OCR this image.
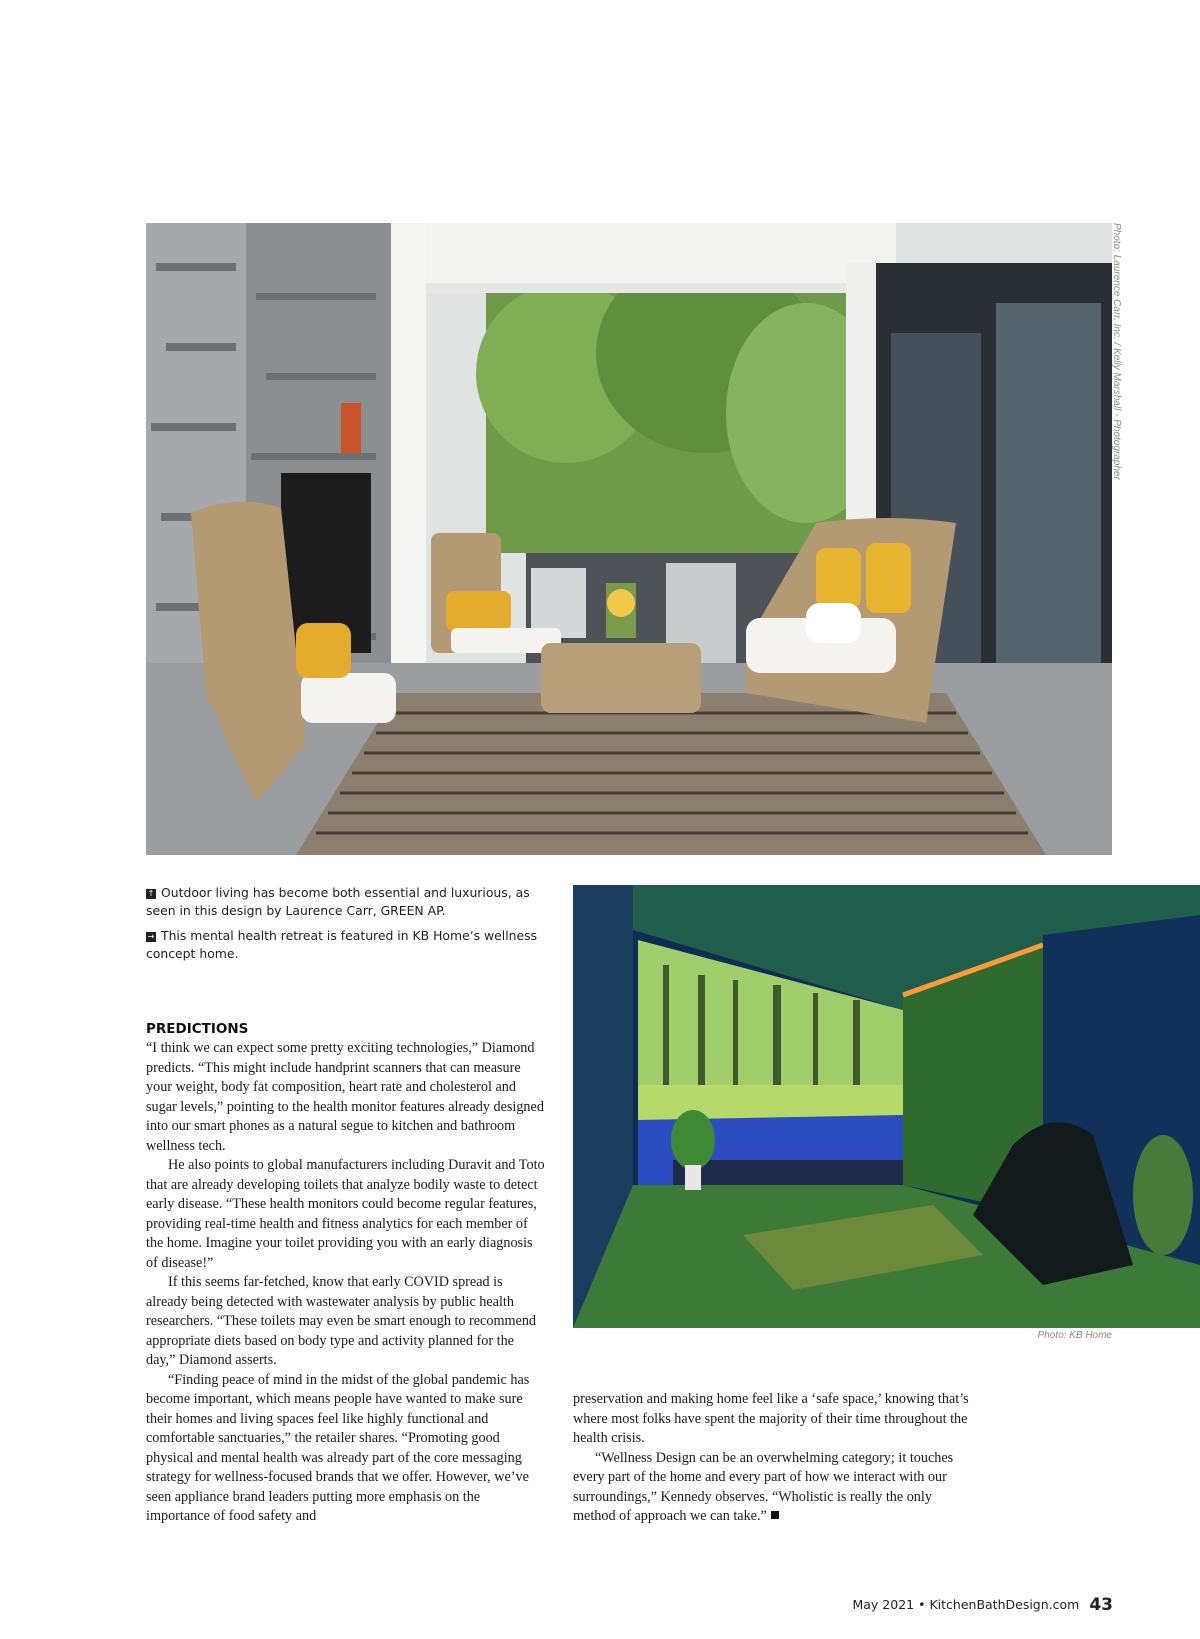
Photo: Laurence Carr, Inc. / Kelly Marshall - Photographer

↑ Outdoor living has become both essential and luxurious, as seen in this design by Laurence Carr, GREEN AP.

→ This mental health retreat is featured in KB Home’s wellness concept home.

Photo: KB Home

PREDICTIONS

“I think we can expect some pretty exciting technologies,” Diamond predicts. “This might include handprint scanners that can measure your weight, body fat composition, heart rate and cholesterol and sugar levels,” pointing to the health monitor features already designed into our smart phones as a natural segue to kitchen and bathroom wellness tech.

He also points to global manufacturers including Duravit and Toto that are already developing toilets that analyze bodily waste to detect early disease. “These health monitors could become regular features, providing real-time health and fitness analytics for each member of the home. Imagine your toilet providing you with an early diagnosis of disease!”

If this seems far-fetched, know that early COVID spread is already being detected with wastewater analysis by public health researchers. “These toilets may even be smart enough to recommend appropriate diets based on body type and activity planned for the day,” Diamond asserts.

“Finding peace of mind in the midst of the global pandemic has become important, which means people have wanted to make sure their homes and living spaces feel like highly functional and comfortable sanctuaries,” the retailer shares. “Promoting good physical and mental health was already part of the core messaging strategy for wellness-focused brands that we offer. However, we’ve seen appliance brand leaders putting more emphasis on the importance of food safety and

preservation and making home feel like a ‘safe space,’ knowing that’s where most folks have spent the majority of their time throughout the health crisis.

“Wellness Design can be an overwhelming category; it touches every part of the home and every part of how we interact with our surroundings,” Kennedy observes. “Wholistic is really the only method of approach we can take.”

May 2021 • KitchenBathDesign.com 43
